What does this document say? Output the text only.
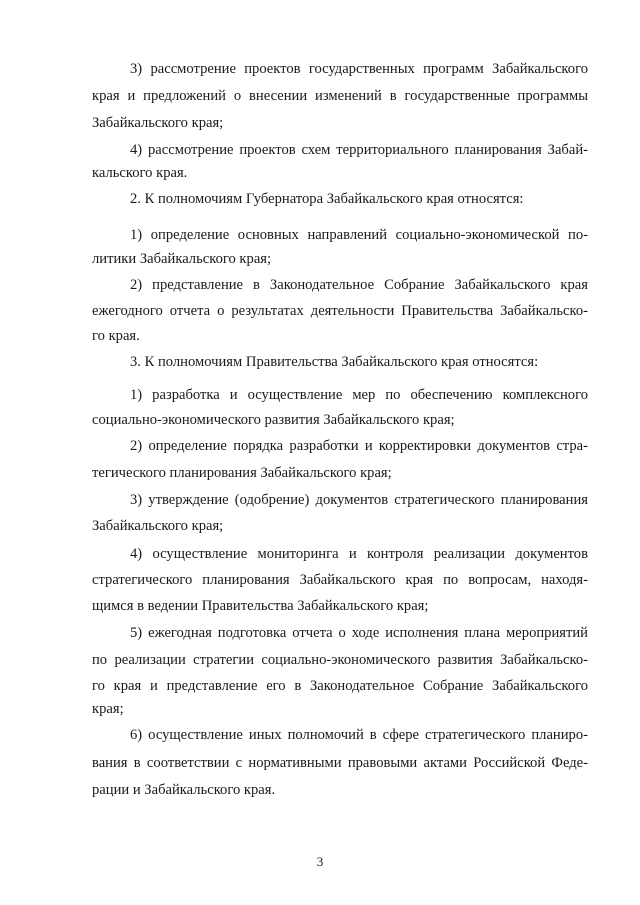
3) рассмотрение проектов государственных программ Забайкальского
края и предложений о внесении изменений в государственные программы
Забайкальского края;
4) рассмотрение проектов схем территориального планирования Забай-
кальского края.
2. К полномочиям Губернатора Забайкальского края относятся:
1) определение основных направлений социально-экономической по-
литики Забайкальского края;
2) представление в Законодательное Собрание Забайкальского края
ежегодного отчета о результатах деятельности Правительства Забайкальско-
го края.
3. К полномочиям Правительства Забайкальского края относятся:
1) разработка и осуществление мер по обеспечению комплексного
социально-экономического развития Забайкальского края;
2) определение порядка разработки и корректировки документов стра-
тегического планирования Забайкальского края;
3) утверждение (одобрение) документов стратегического планирования
Забайкальского края;
4) осуществление мониторинга и контроля реализации документов
стратегического планирования Забайкальского края по вопросам, находя-
щимся в ведении Правительства Забайкальского края;
5) ежегодная подготовка отчета о ходе исполнения плана мероприятий
по реализации стратегии социально-экономического развития Забайкальско-
го края и представление его в Законодательное Собрание Забайкальского
края;
6) осуществление иных полномочий в сфере стратегического планиро-
вания в соответствии с нормативными правовыми актами Российской Феде-
рации и Забайкальского края.
3
